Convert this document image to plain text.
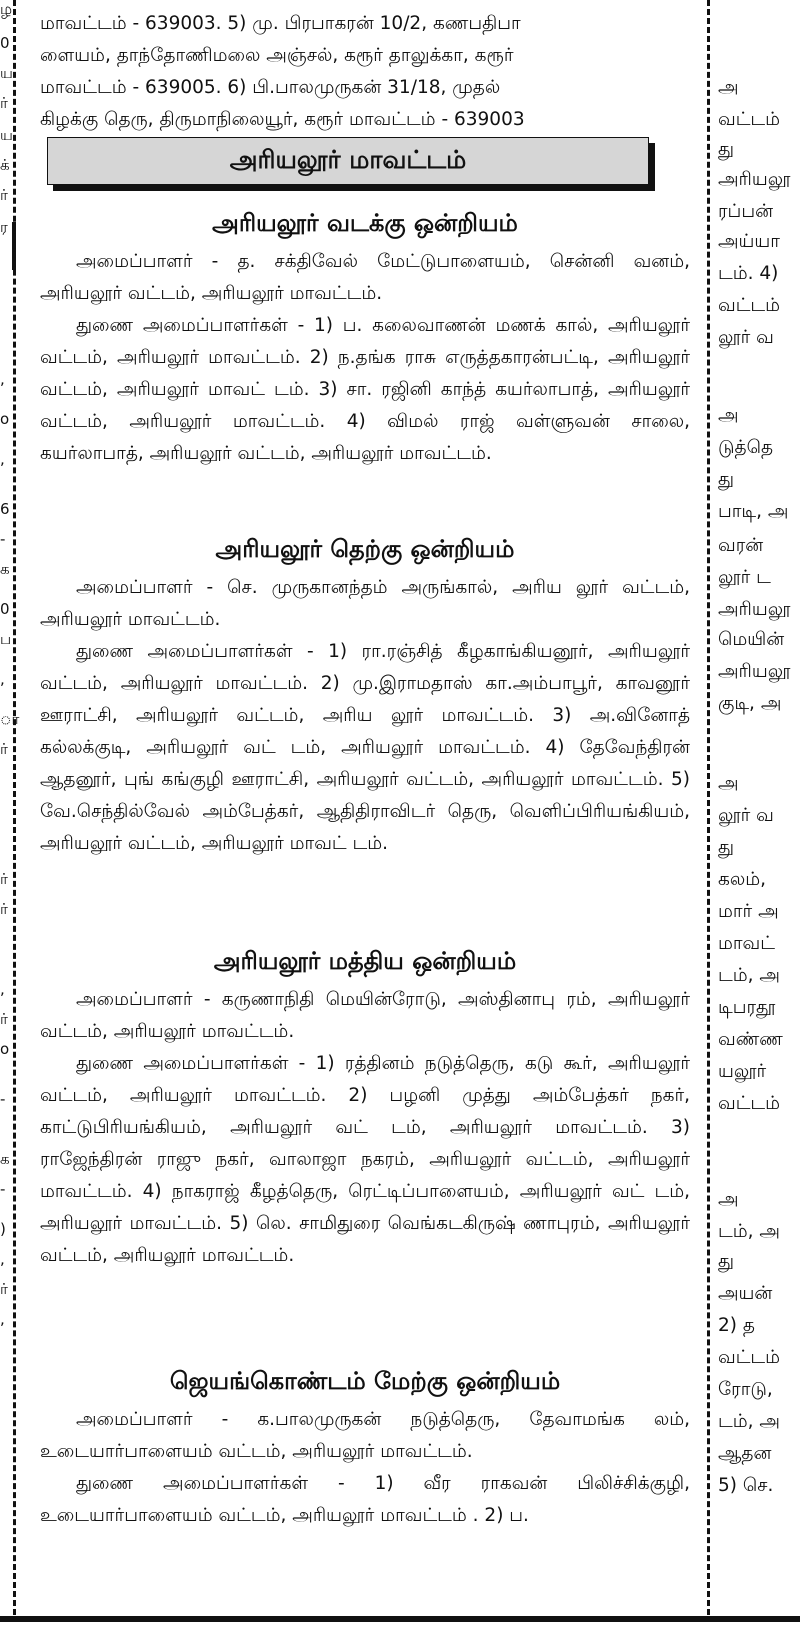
ழ
0
ய
ர்
ய
க்
ர்
ர
,
o
,
6
-
க
0
ப
,
ா
ர்
ர்
ர்
,
ர்
o
-
க
-
)
,
ர்
,

மாவட்டம் - 639003. 5) மு. பிரபாகரன் 10/2, கணபதிபா

ளையம், தாந்தோணிமலை அஞ்சல், கரூர் தாலுக்கா, கரூர்

மாவட்டம் - 639005. 6) பி.பாலமுருகன் 31/18, முதல்

கிழக்கு தெரு, திருமாநிலையூர், கரூர் மாவட்டம் - 639003

அரியலூர் மாவட்டம்
அரியலூர் வடக்கு ஒன்றியம்

அமைப்பாளர் - த. சக்திவேல் மேட்டுபாளையம், சென்னி வனம், அரியலூர் வட்டம், அரியலூர் மாவட்டம்.

துணை அமைப்பாளர்கள் - 1) ப. கலைவாணன் மணக் கால், அரியலூர் வட்டம், அரியலூர் மாவட்டம். 2) ந.தங்க ராசு எருத்தகாரன்பட்டி, அரியலூர் வட்டம், அரியலூர் மாவட் டம். 3) சா. ரஜினி காந்த் கயர்லாபாத், அரியலூர் வட்டம், அரியலூர் மாவட்டம். 4) விமல் ராஜ் வள்ளுவன் சாலை, கயர்லாபாத், அரியலூர் வட்டம், அரியலூர் மாவட்டம்.

அரியலூர் தெற்கு ஒன்றியம்

அமைப்பாளர் - செ. முருகானந்தம் அருங்கால், அரிய லூர் வட்டம், அரியலூர் மாவட்டம்.

துணை அமைப்பாளர்கள் - 1) ரா.ரஞ்சித் கீழகாங்கியனூர், அரியலூர் வட்டம், அரியலூர் மாவட்டம். 2) மு.இராமதாஸ் கா.அம்பாபூர், காவனூர் ஊராட்சி, அரியலூர் வட்டம், அரிய லூர் மாவட்டம். 3) அ.வினோத் கல்லக்குடி, அரியலூர் வட் டம், அரியலூர் மாவட்டம். 4) தேவேந்திரன் ஆதனூர், புங் கங்குழி ஊராட்சி, அரியலூர் வட்டம், அரியலூர் மாவட்டம். 5) வே.செந்தில்வேல் அம்பேத்கர், ஆதிதிராவிடர் தெரு, வெளிப்பிரியங்கியம், அரியலூர் வட்டம், அரியலூர் மாவட் டம்.

அரியலூர் மத்திய ஒன்றியம்

அமைப்பாளர் - கருணாநிதி மெயின்ரோடு, அஸ்தினாபு ரம், அரியலூர் வட்டம், அரியலூர் மாவட்டம்.

துணை அமைப்பாளர்கள் - 1) ரத்தினம் நடுத்தெரு, கடு கூர், அரியலூர் வட்டம், அரியலூர் மாவட்டம். 2) பழனி முத்து அம்பேத்கர் நகர், காட்டுபிரியங்கியம், அரியலூர் வட் டம், அரியலூர் மாவட்டம். 3) ராஜேந்திரன் ராஜு நகர், வாலாஜா நகரம், அரியலூர் வட்டம், அரியலூர் மாவட்டம். 4) நாகராஜ் கீழத்தெரு, ரெட்டிப்பாளையம், அரியலூர் வட் டம், அரியலூர் மாவட்டம். 5) லெ. சாமிதுரை வெங்கடகிருஷ் ணாபுரம், அரியலூர் வட்டம், அரியலூர் மாவட்டம்.

ஜெயங்கொண்டம் மேற்கு ஒன்றியம்

அமைப்பாளர் - க.பாலமுருகன் நடுத்தெரு, தேவாமங்க லம், உடையார்பாளையம் வட்டம், அரியலூர் மாவட்டம்.

துணை அமைப்பாளர்கள் - 1) வீர ராகவன் பிலிச்சிக்குழி, உடையார்பாளையம் வட்டம், அரியலூர் மாவட்டம் . 2) ப.

அ
வட்டம்
து
அரியலூ
ரப்பன்
அய்யா
டம். 4)
வட்டம்
லூர் வ
அ
டுத்தெ
து
பாடி, அ
வரன்
லூர் ட
அரியலூ
மெயின்
அரியலூ
குடி, அ
அ
லூர் வ
து
கலம்,
மார் அ
மாவட்
டம், அ
டிபரதூ
வண்ண
யலூர்
வட்டம்
அ
டம், அ
து
அயன்
2) த
வட்டம்
ரோடு,
டம், அ
ஆதன
5) செ.
